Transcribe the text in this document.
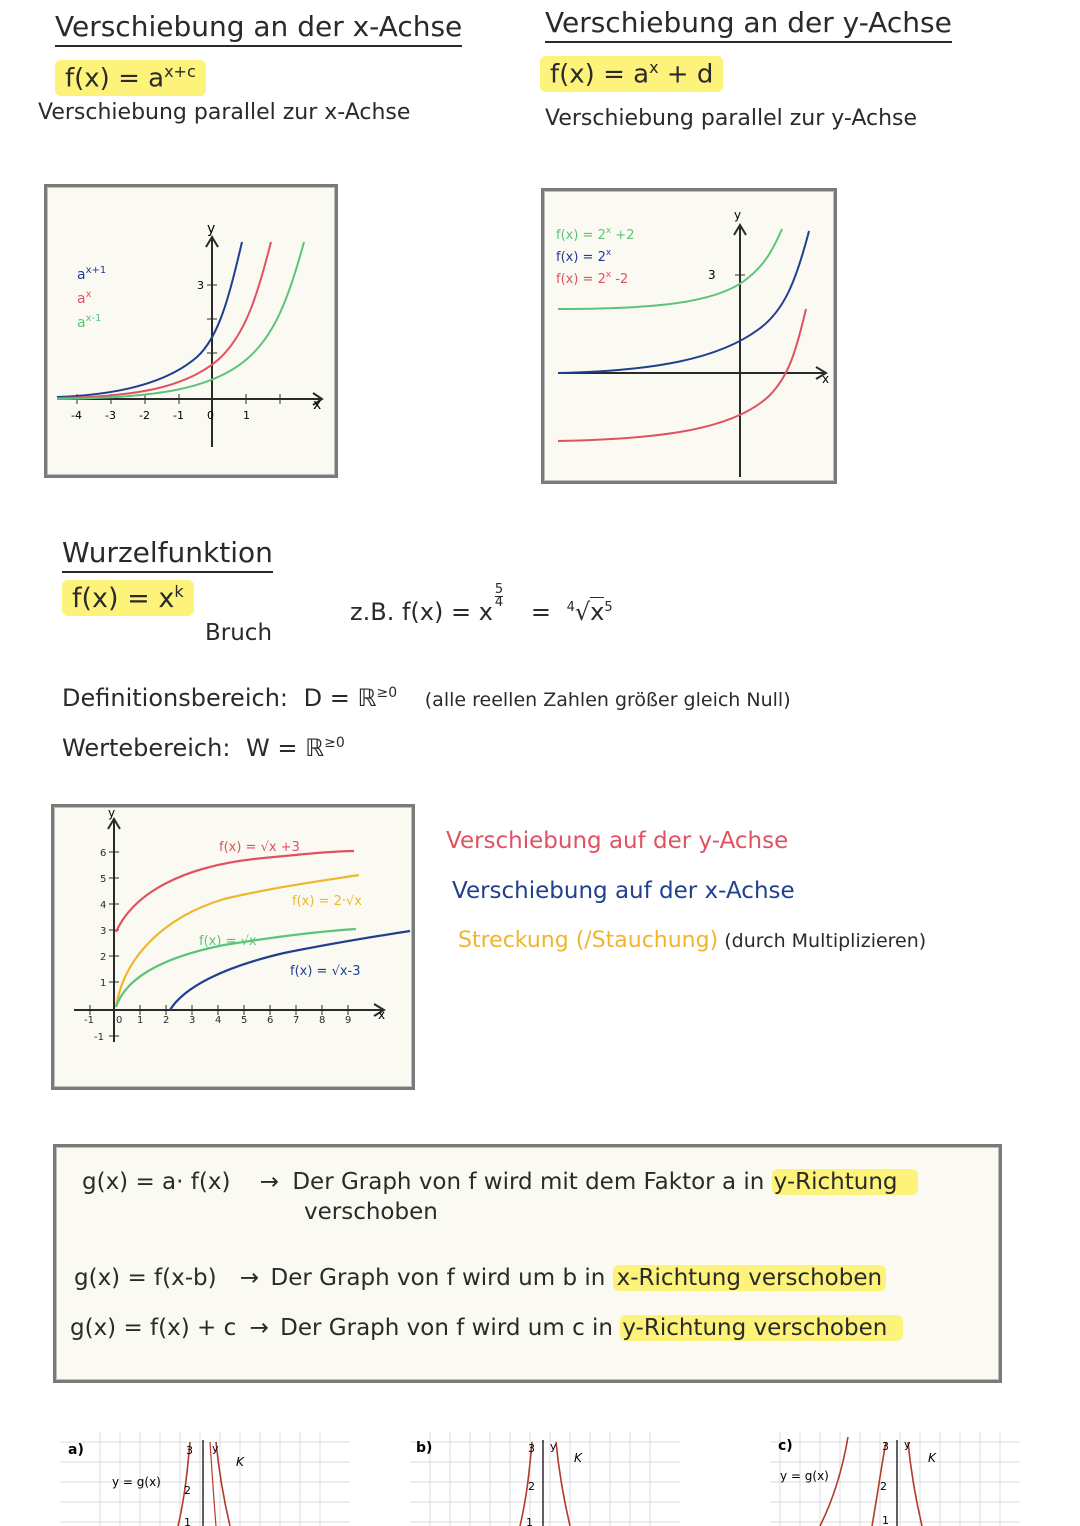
Verschiebung an der x-Achse
$f(x) = a^{x+c}$
Verschiebung parallel zur x-Achse
-4 -3 -2 -1 0	1
3
x
y
$a^{x+1}$
$a^x$
$a^{x-1}$
Verschiebung an der y-Achse
$f(x) = a^x + d$
Verschiebung parallel zur y-Achse
3
x
y
$f(x) = 2^x +2$
$f(x) = 2^x$
$f(x) = 2^x$ -2
Wurzelfunktion
$f(x) = x^k$
Bruch
z.B. f(x) = x
$\frac{5}{4}$
= $^4√x^5$
Definitionsbereich: D = ℝ$^{\ge 0}$ (alle reellen Zahlen größer gleich Null)
Wertebereich: W = ℝ$^{\ge 0}$
-1 0 1 2 3 4 5 6 7 8 9
6
5
4
3
2
1
-1
x
y
f(x) = √x +3
f(x) = 2·√x
f(x) = √x
f(x) = √x-3
Verschiebung auf der y-Achse
Verschiebung auf der x-Achse
Streckung (/Stauchung) (durch Multiplizieren)
g(x) = a· f(x) → Der Graph von f wird mit dem Faktor a in y-Richtung
verschoben
g(x) = f(x-b) → Der Graph von f wird um b in x-Richtung verschoben
g(x) = f(x) + c → Der Graph von f wird um c in y-Richtung verschoben
a)
y = g(x)
3
2
1
y
K
b)	3
2
1
y
K
c)
y = g(x)
3
2
1
y
K
